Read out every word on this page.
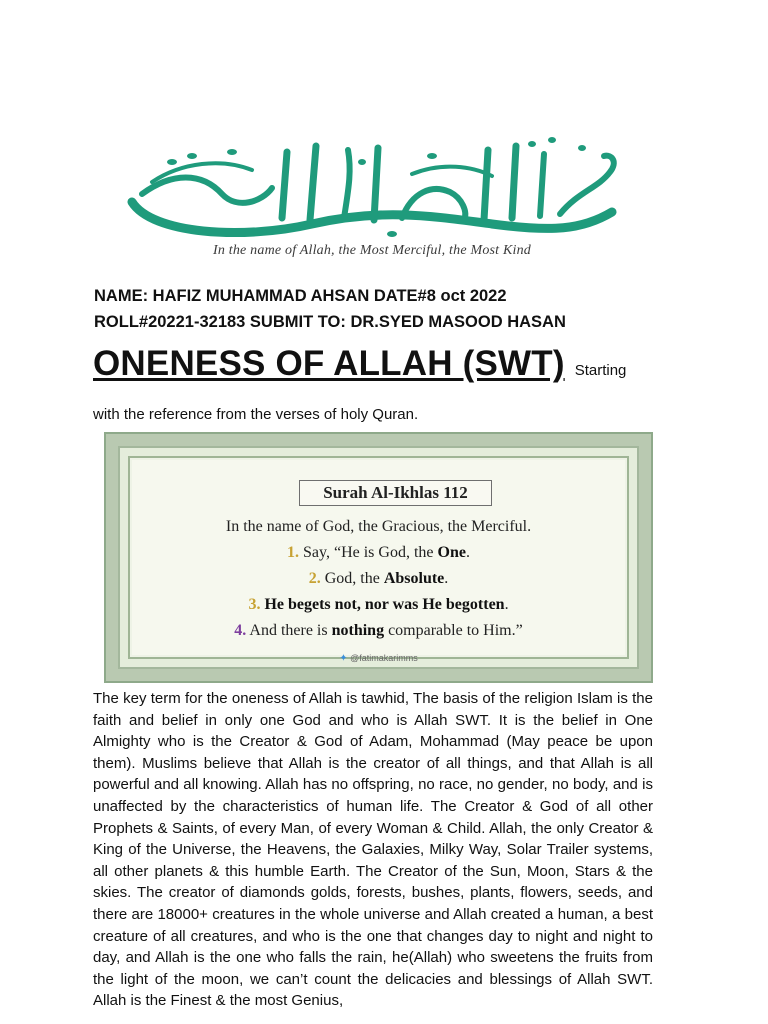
In the name of Allah, the Most Merciful, the Most Kind
NAME: HAFIZ MUHAMMAD AHSAN DATE#8 oct 2022
ROLL#20221-32183 SUBMIT TO: DR.SYED MASOOD HASAN
ONENESS OF ALLAH (SWT) Starting
with the reference from the verses of holy Quran.
Surah Al-Ikhlas 112
In the name of God, the Gracious, the Merciful.
1. Say, “He is God, the One.
2. God, the Absolute.
3. He begets not, nor was He begotten.
4. And there is nothing comparable to Him.”
✦ @fatimakarimms

The key term for the oneness of Allah is tawhid, The basis of the religion Islam is the faith and belief in only one God and who is Allah SWT. It is the belief in One Almighty who is the Creator & God of Adam, Mohammad (May peace be upon them). Muslims believe that Allah is the creator of all things, and that Allah is all powerful and all knowing. Allah has no offspring, no race, no gender, no body, and is unaffected by the characteristics of human life. The Creator & God of all other Prophets & Saints, of every Man, of every Woman & Child. Allah, the only Creator & King of the Universe, the Heavens, the Galaxies, Milky Way, Solar Trailer systems, all other planets & this humble Earth. The Creator of the Sun, Moon, Stars & the skies. The creator of diamonds golds, forests, bushes, plants, flowers, seeds, and there are 18000+ creatures in the whole universe and Allah created a human, a best creature of all creatures, and who is the one that changes day to night and night to day, and Allah is the one who falls the rain, he(Allah) who sweetens the fruits from the light of the moon, we can’t count the delicacies and blessings of Allah SWT. Allah is the Finest & the most Genius,
